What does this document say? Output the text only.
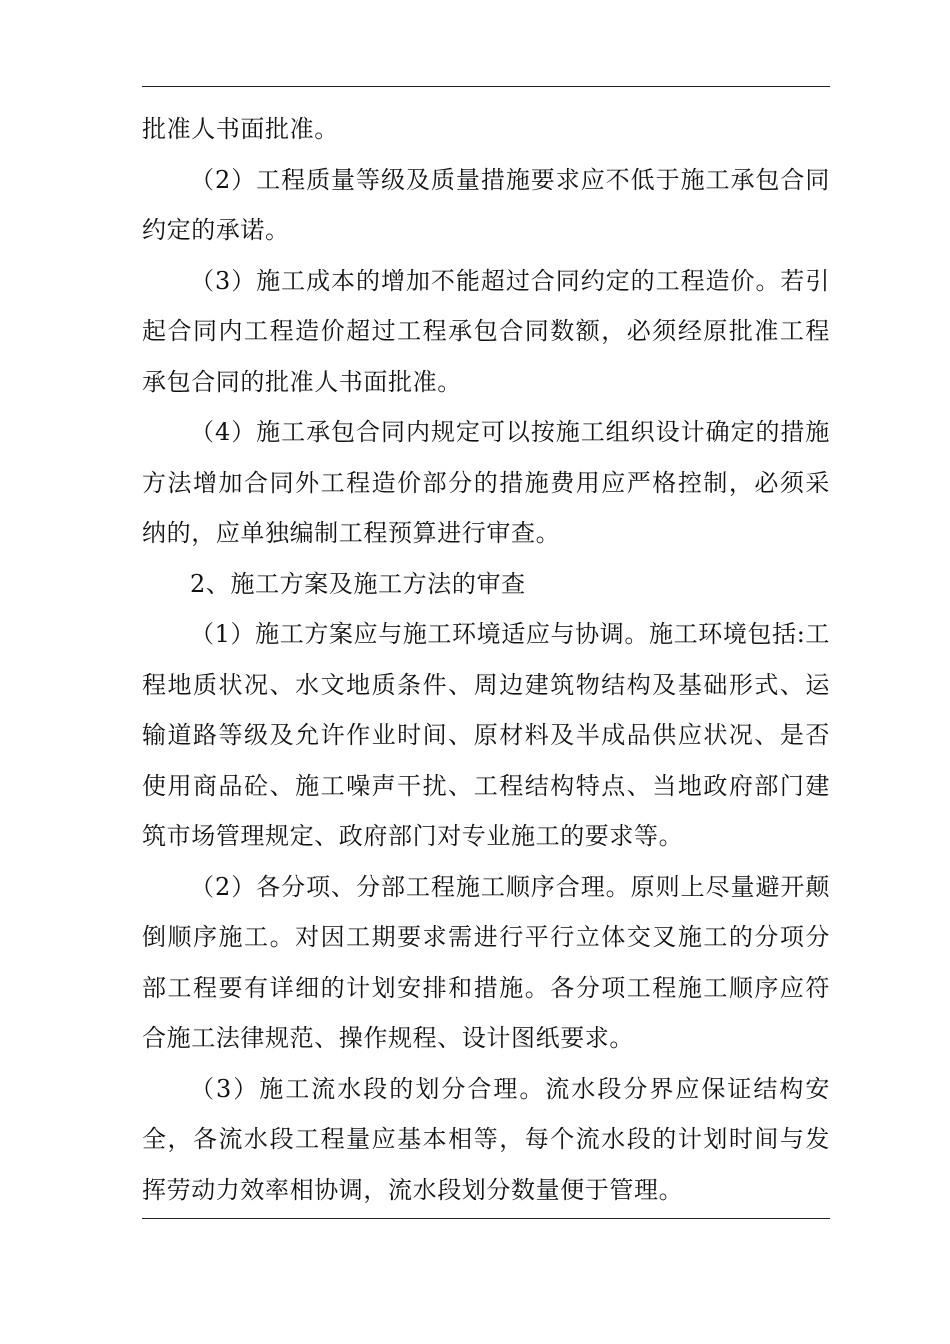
批准人书面批准。

（2）工程质量等级及质量措施要求应不低于施工承包合同约定的承诺。

（3）施工成本的增加不能超过合同约定的工程造价。若引起合同内工程造价超过工程承包合同数额，必须经原批准工程承包合同的批准人书面批准。

（4）施工承包合同内规定可以按施工组织设计确定的措施方法增加合同外工程造价部分的措施费用应严格控制，必须采纳的，应单独编制工程预算进行审查。

2、施工方案及施工方法的审查

（1）施工方案应与施工环境适应与协调。施工环境包括:工程地质状况、水文地质条件、周边建筑物结构及基础形式、运输道路等级及允许作业时间、原材料及半成品供应状况、是否使用商品砼、施工噪声干扰、工程结构特点、当地政府部门建筑市场管理规定、政府部门对专业施工的要求等。

（2）各分项、分部工程施工顺序合理。原则上尽量避开颠倒顺序施工。对因工期要求需进行平行立体交叉施工的分项分部工程要有详细的计划安排和措施。各分项工程施工顺序应符合施工法律规范、操作规程、设计图纸要求。

（3）施工流水段的划分合理。流水段分界应保证结构安全，各流水段工程量应基本相等，每个流水段的计划时间与发挥劳动力效率相协调，流水段划分数量便于管理。
